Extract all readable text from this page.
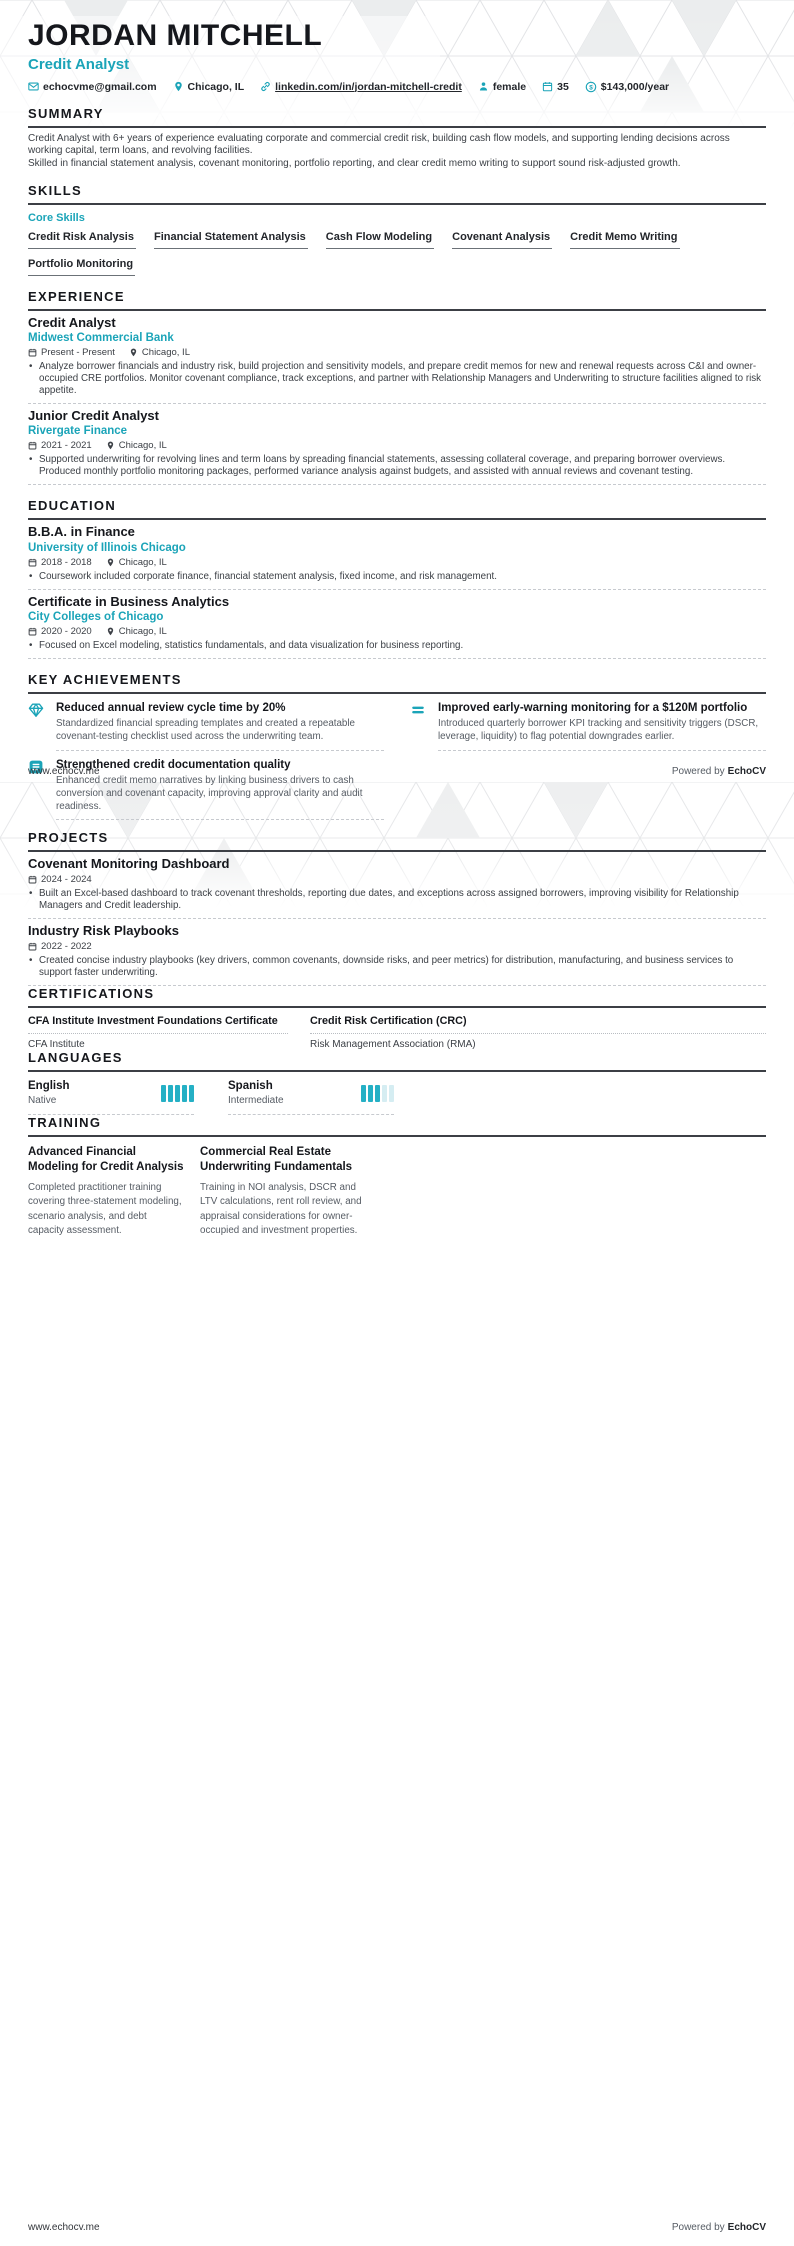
JORDAN MITCHELL
Credit Analyst
echocvme@gmail.com	Chicago, IL	linkedin.com/in/jordan-mitchell-credit	female	35 $ $143,000/year
SUMMARY

Credit Analyst with 6+ years of experience evaluating corporate and commercial credit risk, building cash flow models, and supporting lending decisions across working capital, term loans, and revolving facilities.

Skilled in financial statement analysis, covenant monitoring, portfolio reporting, and clear credit memo writing to support sound risk-adjusted growth.

SKILLS
Core Skills
Credit Risk Analysis Financial Statement Analysis Cash Flow Modeling Covenant Analysis Credit Memo Writing
Portfolio Monitoring
EXPERIENCE
Credit Analyst
Midwest Commercial Bank
Present - Present	Chicago, IL
• Analyze borrower financials and industry risk, build projection and sensitivity models, and prepare credit memos for new and renewal requests across C&I and owner-occupied CRE portfolios. Monitor covenant compliance, track exceptions, and partner with Relationship Managers and Underwriting to structure facilities aligned to risk appetite.
Junior Credit Analyst
Rivergate Finance
2021 - 2021	Chicago, IL
• Supported underwriting for revolving lines and term loans by spreading financial statements, assessing collateral coverage, and preparing borrower overviews. Produced monthly portfolio monitoring packages, performed variance analysis against budgets, and assisted with annual reviews and covenant testing.
EDUCATION
B.B.A. in Finance
University of Illinois Chicago
2018 - 2018	Chicago, IL
• Coursework included corporate finance, financial statement analysis, fixed income, and risk management.
Certificate in Business Analytics
City Colleges of Chicago
2020 - 2020	Chicago, IL
• Focused on Excel modeling, statistics fundamentals, and data visualization for business reporting.
KEY ACHIEVEMENTS
Reduced annual review cycle time by 20%
Standardized financial spreading templates and created a repeatable covenant-testing checklist used across the underwriting team.
Strengthened credit documentation quality
Enhanced credit memo narratives by linking business drivers to cash conversion and covenant capacity, improving approval clarity and audit readiness.
Improved early-warning monitoring for a $120M portfolio
Introduced quarterly borrower KPI tracking and sensitivity triggers (DSCR, leverage, liquidity) to flag potential downgrades earlier.
www.echocv.me	Powered by EchoCV
PROJECTS
Covenant Monitoring Dashboard
2024 - 2024
• Built an Excel-based dashboard to track covenant thresholds, reporting due dates, and exceptions across assigned borrowers, improving visibility for Relationship Managers and Credit leadership.
Industry Risk Playbooks
2022 - 2022
• Created concise industry playbooks (key drivers, common covenants, downside risks, and peer metrics) for distribution, manufacturing, and business services to support faster underwriting.
CERTIFICATIONS
CFA Institute Investment Foundations Certificate
CFA Institute
Credit Risk Certification (CRC)
Risk Management Association (RMA)
LANGUAGES
English
Native
Spanish
Intermediate
TRAINING
Advanced Financial Modeling for Credit Analysis
Completed practitioner training covering three-statement modeling, scenario analysis, and debt capacity assessment.
Commercial Real Estate Underwriting Fundamentals
Training in NOI analysis, DSCR and LTV calculations, rent roll review, and appraisal considerations for owner-occupied and investment properties.
www.echocv.me	Powered by EchoCV
